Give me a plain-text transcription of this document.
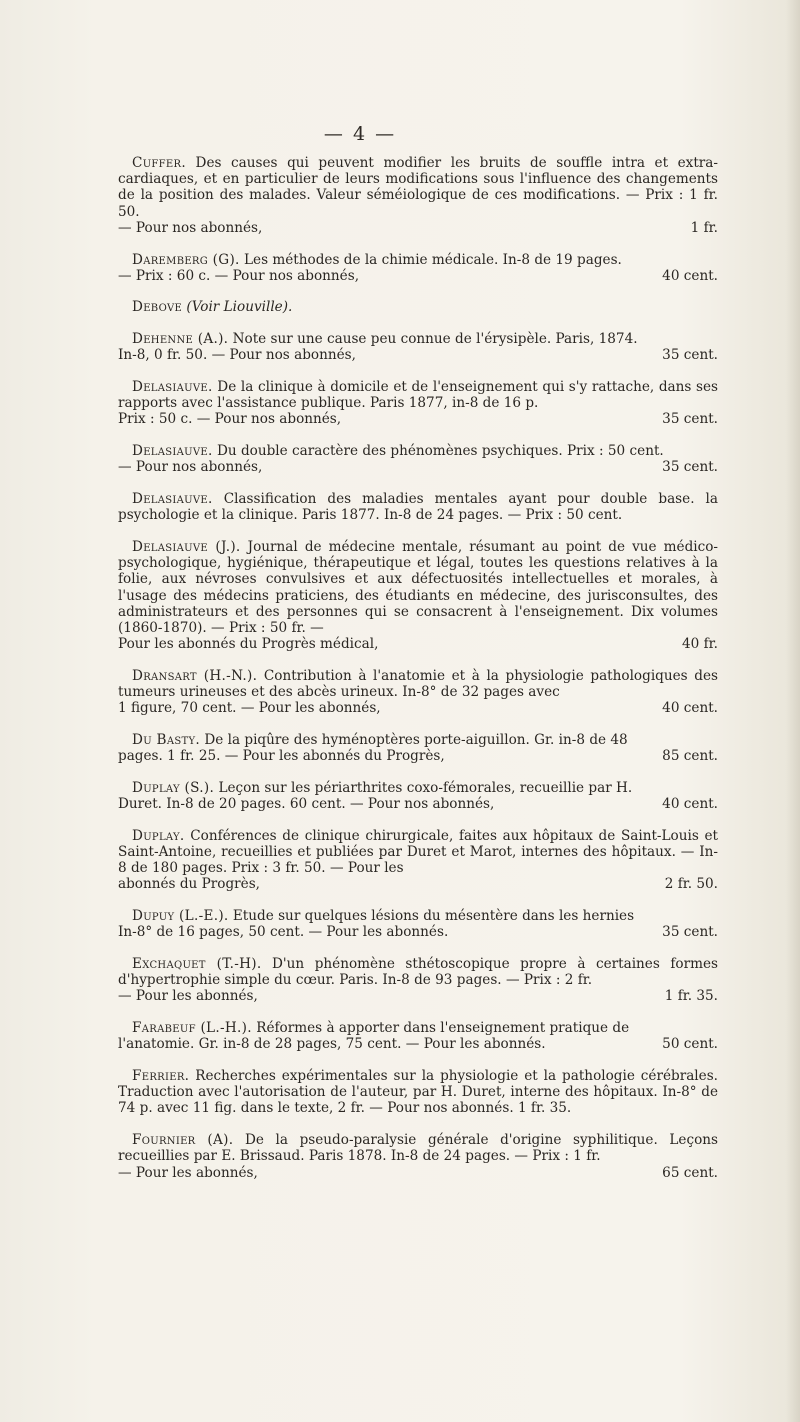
— 4 —

Cuffer. Des causes qui peuvent modifier les bruits de souffle intra et extra-cardiaques, et en particulier de leurs modifications sous l'influence des changements de la position des malades. Valeur séméiologique de ces modifications. — Prix : 1 fr. 50.
— Pour nos abonnés,	1 fr.

Daremberg (G). Les méthodes de la chimie médicale. In-8 de 19 pages.
— Prix : 60 c. — Pour nos abonnés,	40 cent.

Debove (Voir Liouville).

Dehenne (A.). Note sur une cause peu connue de l'érysipèle. Paris, 1874.
In-8, 0 fr. 50. — Pour nos abonnés,	35 cent.

Delasiauve. De la clinique à domicile et de l'enseignement qui s'y rattache, dans ses rapports avec l'assistance publique. Paris 1877, in-8 de 16 p.
Prix : 50 c. — Pour nos abonnés,	35 cent.

Delasiauve. Du double caractère des phénomènes psychiques. Prix : 50 cent.
— Pour nos abonnés,	35 cent.

Delasiauve. Classification des maladies mentales ayant pour double base. la psychologie et la clinique. Paris 1877. In-8 de 24 pages. — Prix : 50 cent.

Delasiauve (J.). Journal de médecine mentale, résumant au point de vue médico-psychologique, hygiénique, thérapeutique et légal, toutes les questions relatives à la folie, aux névroses convulsives et aux défectuosités intellectuelles et morales, à l'usage des médecins praticiens, des étudiants en médecine, des jurisconsultes, des administrateurs et des personnes qui se consacrent à l'enseignement. Dix volumes (1860-1870). — Prix : 50 fr. —
Pour les abonnés du Progrès médical,	40 fr.

Dransart (H.-N.). Contribution à l'anatomie et à la physiologie pathologiques des tumeurs urineuses et des abcès urineux. In-8° de 32 pages avec
1 figure, 70 cent. — Pour les abonnés,	40 cent.

Du Basty. De la piqûre des hyménoptères porte-aiguillon. Gr. in-8 de 48
pages. 1 fr. 25. — Pour les abonnés du Progrès,	85 cent.

Duplay (S.). Leçon sur les périarthrites coxo-fémorales, recueillie par H.
Duret. In-8 de 20 pages. 60 cent. — Pour nos abonnés,	40 cent.

Duplay. Conférences de clinique chirurgicale, faites aux hôpitaux de Saint-Louis et Saint-Antoine, recueillies et publiées par Duret et Marot, internes des hôpitaux. — In-8 de 180 pages. Prix : 3 fr. 50. — Pour les
abonnés du Progrès,	2 fr. 50.

Dupuy (L.-E.). Etude sur quelques lésions du mésentère dans les hernies
In-8° de 16 pages, 50 cent. — Pour les abonnés.	35 cent.

Exchaquet (T.-H). D'un phénomène sthétoscopique propre à certaines formes d'hypertrophie simple du cœur. Paris. In-8 de 93 pages. — Prix : 2 fr.
— Pour les abonnés,	1 fr. 35.

Farabeuf (L.-H.). Réformes à apporter dans l'enseignement pratique de
l'anatomie. Gr. in-8 de 28 pages, 75 cent. — Pour les abonnés.	50 cent.

Ferrier. Recherches expérimentales sur la physiologie et la pathologie cérébrales. Traduction avec l'autorisation de l'auteur, par H. Duret, interne des hôpitaux. In-8° de 74 p. avec 11 fig. dans le texte, 2 fr. — Pour nos abonnés. 1 fr. 35.

Fournier (A). De la pseudo-paralysie générale d'origine syphilitique. Leçons recueillies par E. Brissaud. Paris 1878. In-8 de 24 pages. — Prix : 1 fr.
— Pour les abonnés,	65 cent.
